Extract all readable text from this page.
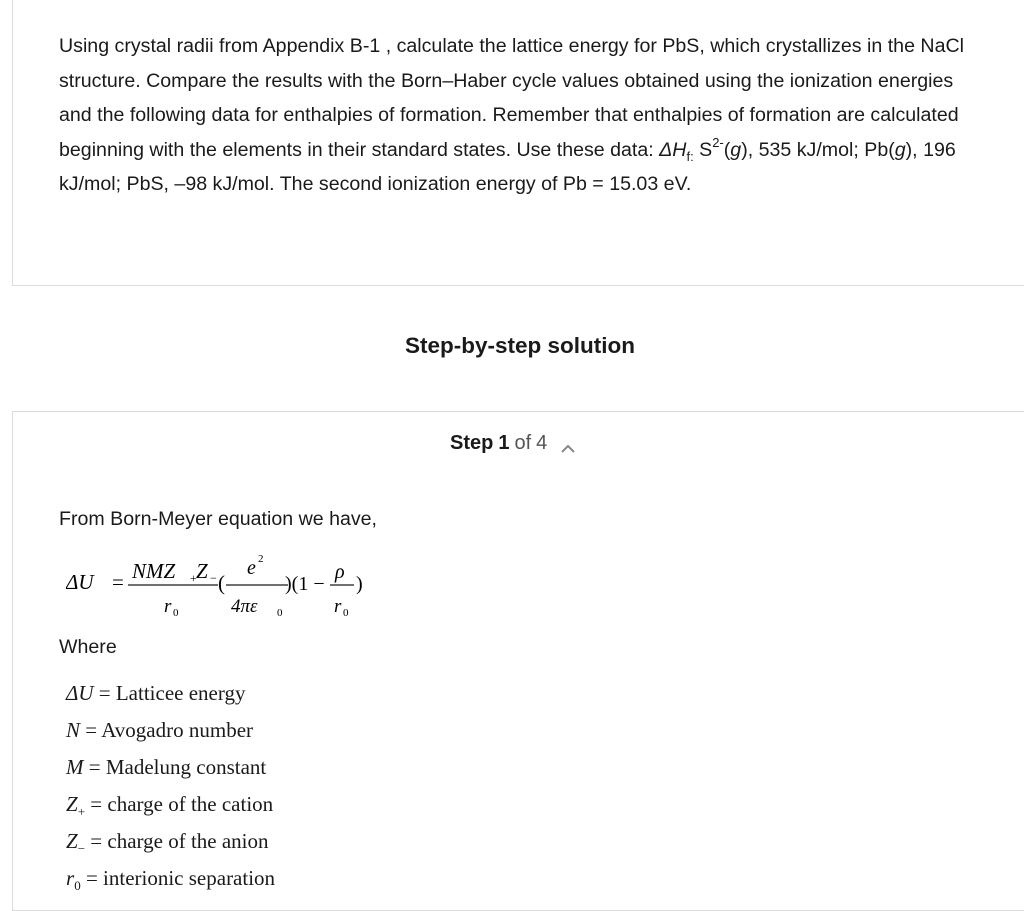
Using crystal radii from Appendix B-1 , calculate the lattice energy for PbS, which crystallizes in the NaCl structure. Compare the results with the Born–Haber cycle values obtained using the ionization energies and the following data for enthalpies of formation. Remember that enthalpies of formation are calculated beginning with the elements in their standard states. Use these data: $\Delta H_{f:}$ $S^{2-}(g)$, 535 kJ/mol; Pb(g), 196 kJ/mol; PbS, –98 kJ/mol. The second ionization energy of Pb = 15.03 eV.

Step-by-step solution
Step 1 of 4

From Born-Meyer equation we have,

ΔU = NMZ + Z −
r 0
(
e 2
4πε 0
)(1 −
ρ
r 0
)

Where

ΔU = Latticee energy
N = Avogadro number
M = Madelung constant
$Z_+$ = charge of the cation
$Z_-$ = charge of the anion
$r_0$ = interionic separation
